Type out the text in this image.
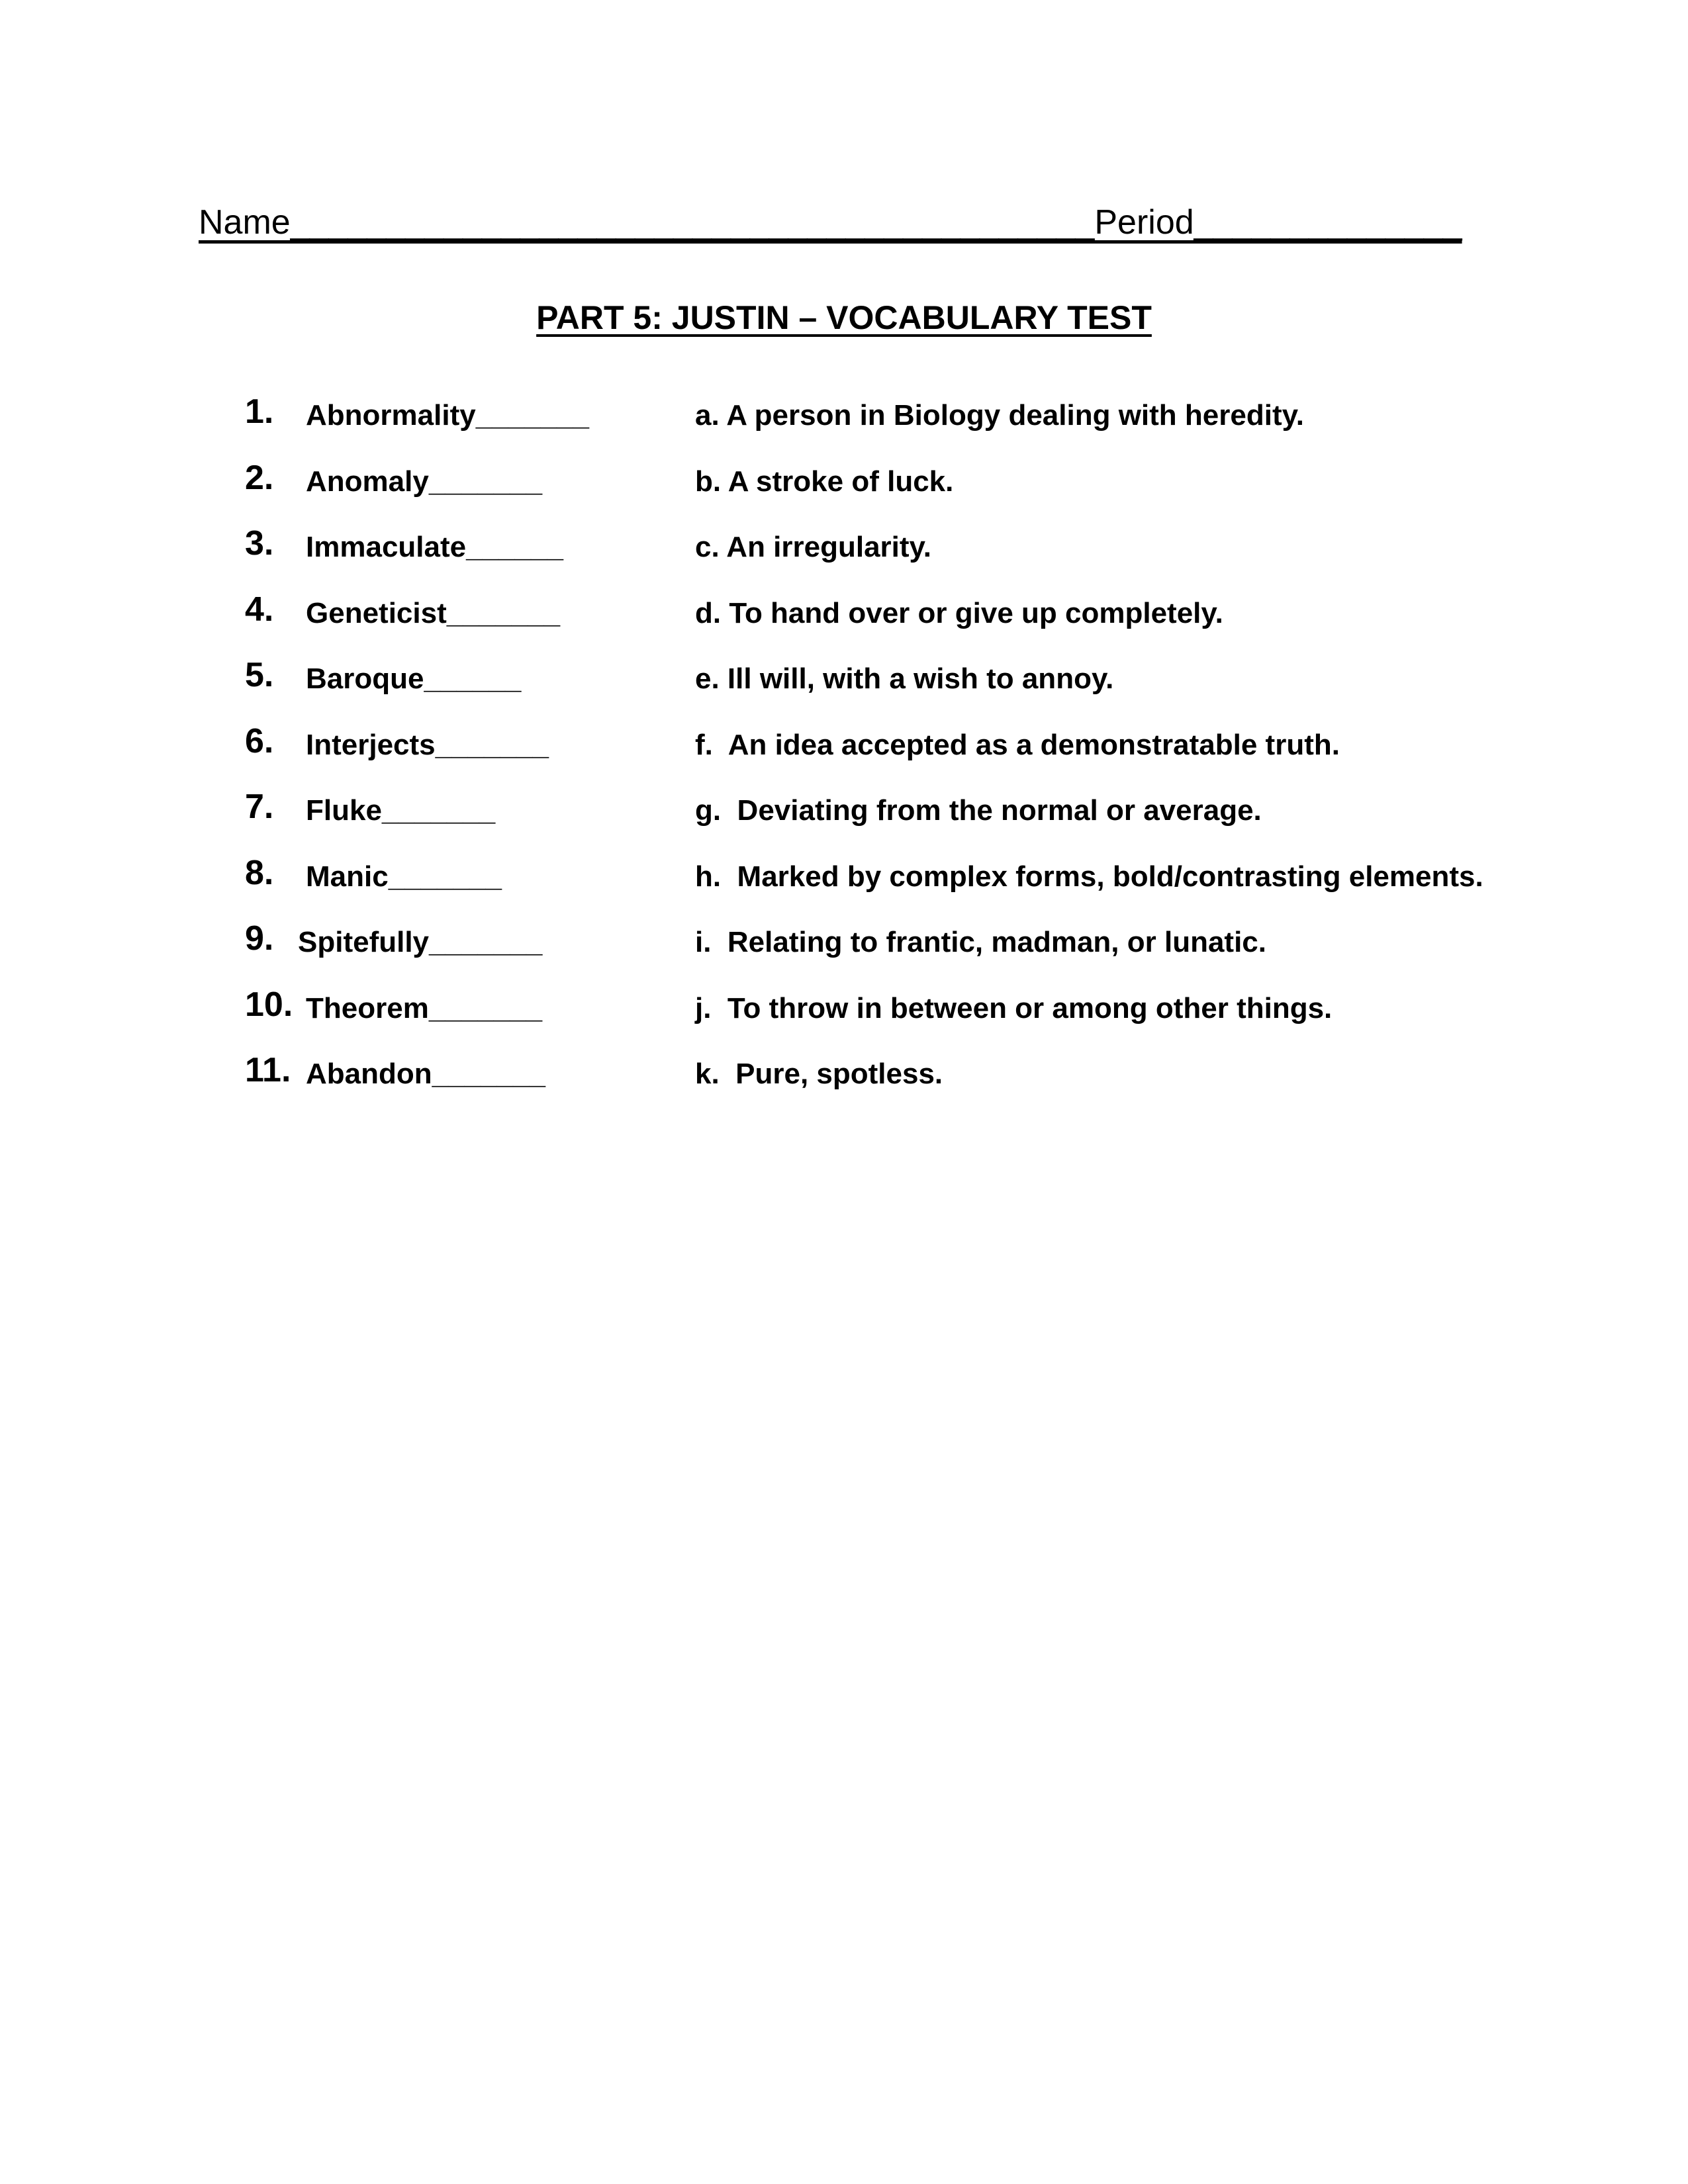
Name__________________________________________Period______________
PART 5: JUSTIN – VOCABULARY TEST
1. Abnormality_______	a. A person in Biology dealing with heredity.
2. Anomaly_______	b. A stroke of luck.
3. Immaculate______	c. An irregularity.
4. Geneticist_______	d. To hand over or give up completely.
5. Baroque______	e. Ill will, with a wish to annoy.
6. Interjects_______	f.  An idea accepted as a demonstratable truth.
7. Fluke_______	g.  Deviating from the normal or average.
8. Manic_______	h.  Marked by complex forms, bold/contrasting elements.
9. Spitefully_______	i.  Relating to frantic, madman, or lunatic.
10. Theorem_______	j.  To throw in between or among other things.
11. Abandon_______	k.  Pure, spotless.
